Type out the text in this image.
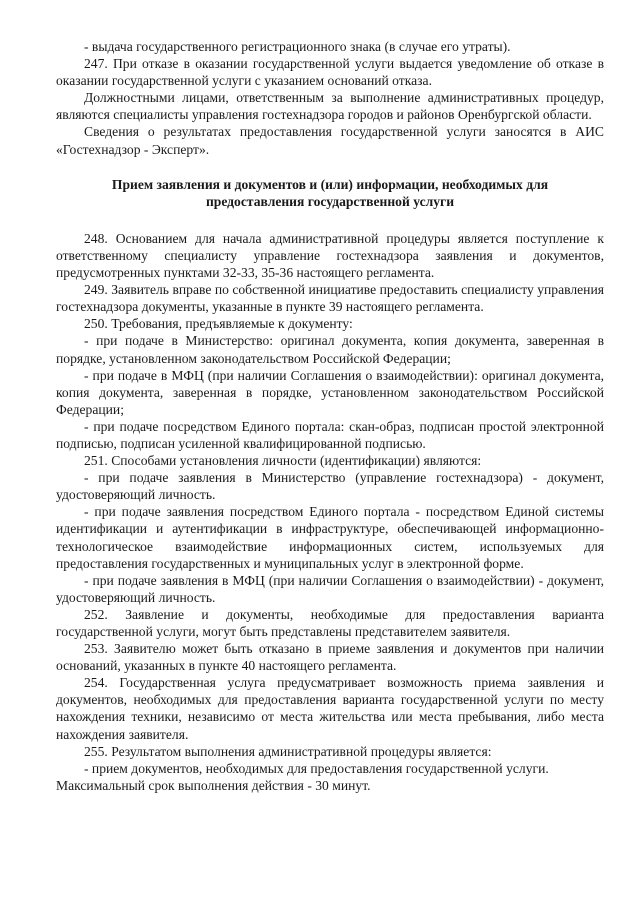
- выдача государственного регистрационного знака (в случае его утраты).

247. При отказе в оказании государственной услуги выдается уведомление об отказе в оказании государственной услуги с указанием оснований отказа.

Должностными лицами, ответственным за выполнение административных процедур, являются специалисты управления гостехнадзора городов и районов Оренбургской области.

Сведения о результатах предоставления государственной услуги заносятся в АИС «Гостехнадзор - Эксперт».

Прием заявления и документов и (или) информации, необходимых для предоставления государственной услуги

248. Основанием для начала административной процедуры является поступление к ответственному специалисту управление гостехнадзора заявления и документов, предусмотренных пунктами 32-33, 35-36 настоящего регламента.

249. Заявитель вправе по собственной инициативе предоставить специалисту управления гостехнадзора документы, указанные в пункте 39 настоящего регламента.

250. Требования, предъявляемые к документу:

- при подаче в Министерство: оригинал документа, копия документа, заверенная в порядке, установленном законодательством Российской Федерации;

- при подаче в МФЦ (при наличии Соглашения о взаимодействии): оригинал документа, копия документа, заверенная в порядке, установленном законодательством Российской Федерации;

- при подаче посредством Единого портала: скан-образ, подписан простой электронной подписью, подписан усиленной квалифицированной подписью.

251. Способами установления личности (идентификации) являются:

- при подаче заявления в Министерство (управление гостехнадзора) - документ, удостоверяющий личность.

- при подаче заявления посредством Единого портала - посредством Единой системы идентификации и аутентификации в инфраструктуре, обеспечивающей информационно-технологическое взаимодействие информационных систем, используемых для предоставления государственных и муниципальных услуг в электронной форме.

- при подаче заявления в МФЦ (при наличии Соглашения о взаимодействии) - документ, удостоверяющий личность.

252. Заявление и документы, необходимые для предоставления варианта государственной услуги, могут быть представлены представителем заявителя.

253. Заявителю может быть отказано в приеме заявления и документов при наличии оснований, указанных в пункте 40 настоящего регламента.

254. Государственная услуга предусматривает возможность приема заявления и документов, необходимых для предоставления варианта государственной услуги по месту нахождения техники, независимо от места жительства или места пребывания, либо места нахождения заявителя.

255. Результатом выполнения административной процедуры является:

- прием документов, необходимых для предоставления государственной услуги.

Максимальный срок выполнения действия - 30 минут.
